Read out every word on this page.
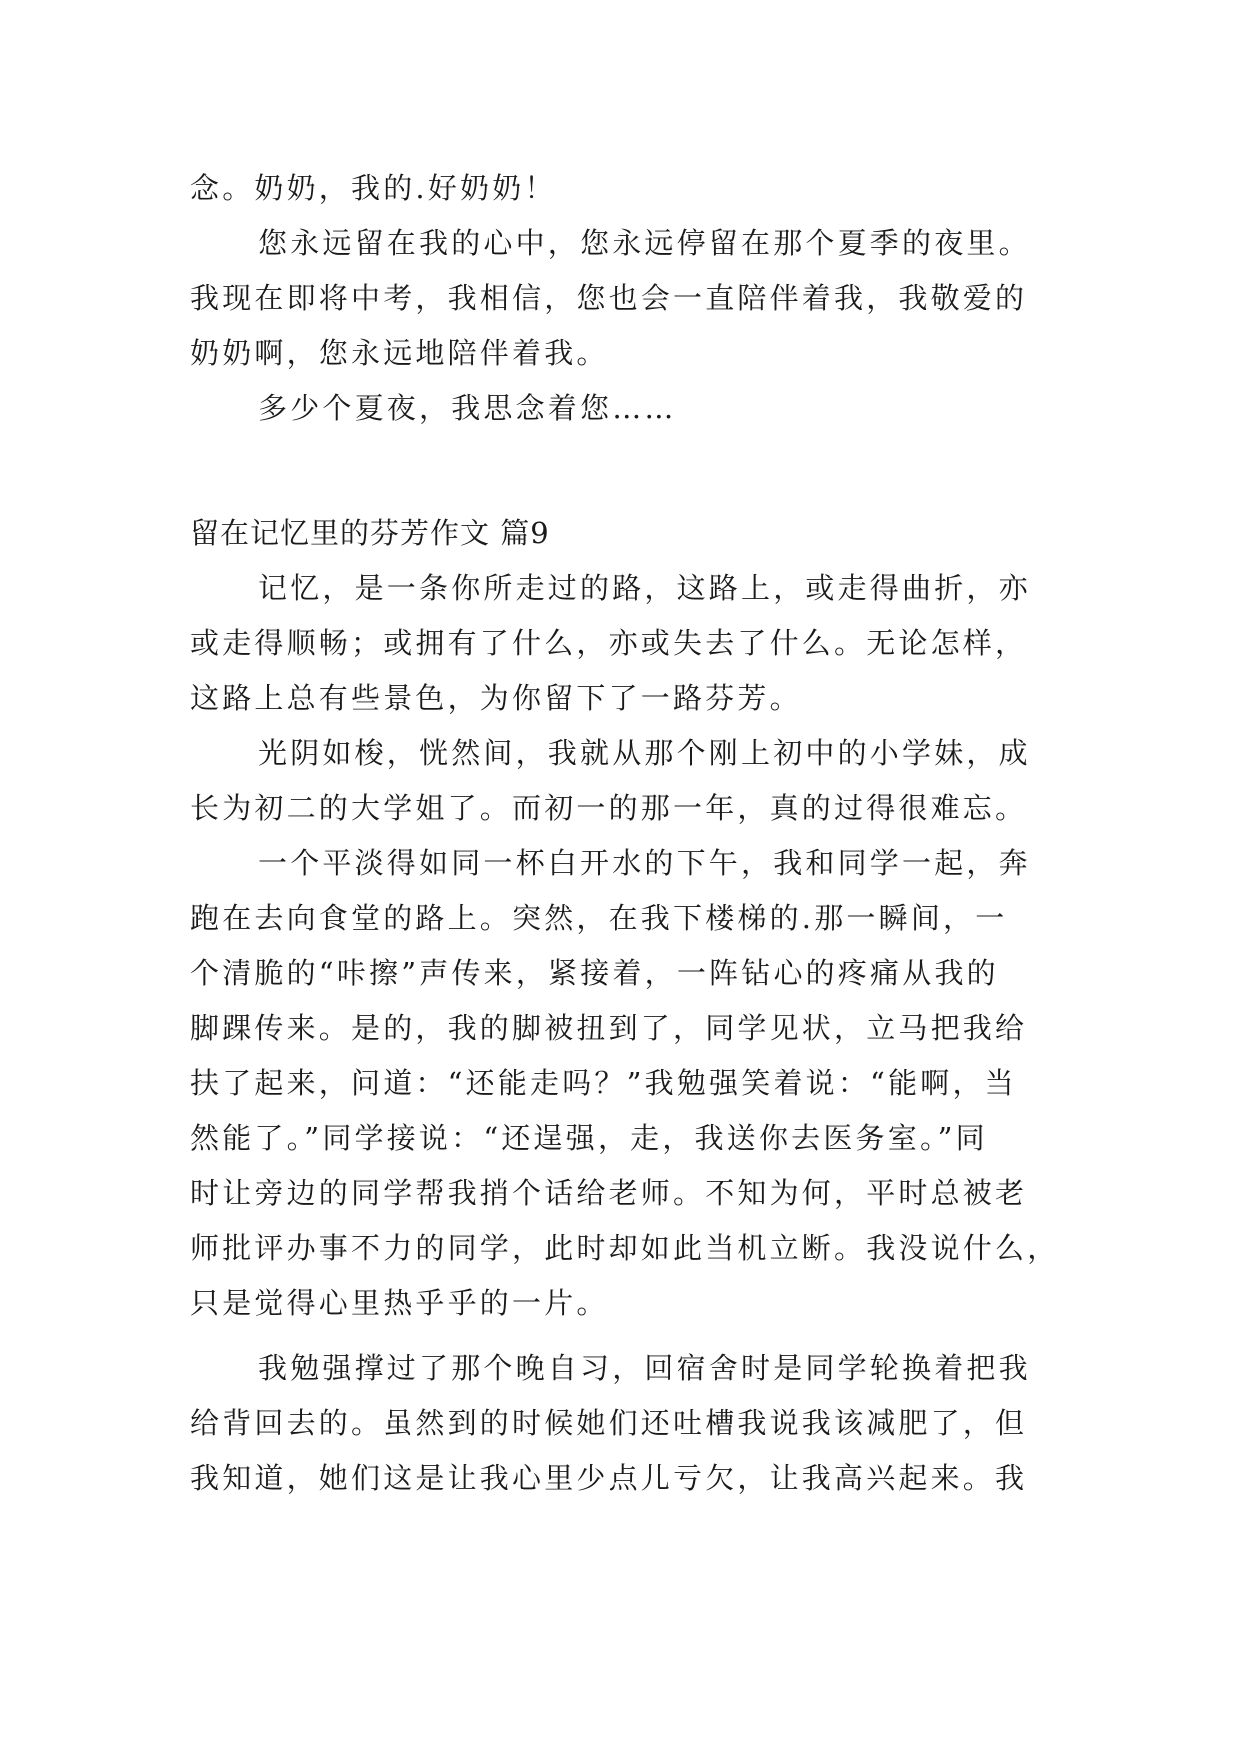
念。奶奶，我的.好奶奶！
您永远留在我的心中，您永远停留在那个夏季的夜里。
我现在即将中考，我相信，您也会一直陪伴着我，我敬爱的
奶奶啊，您永远地陪伴着我。
多少个夏夜，我思念着您……
留在记忆里的芬芳作文 篇9
记忆，是一条你所走过的路，这路上，或走得曲折，亦
或走得顺畅；或拥有了什么，亦或失去了什么。无论怎样，
这路上总有些景色，为你留下了一路芬芳。
光阴如梭，恍然间，我就从那个刚上初中的小学妹，成
长为初二的大学姐了。而初一的那一年，真的过得很难忘。
一个平淡得如同一杯白开水的下午，我和同学一起，奔
跑在去向食堂的路上。突然，在我下楼梯的.那一瞬间，一
个清脆的“咔擦”声传来，紧接着，一阵钻心的疼痛从我的
脚踝传来。是的，我的脚被扭到了，同学见状，立马把我给
扶了起来，问道：“还能走吗？”我勉强笑着说：“能啊，当
然能了。”同学接说：“还逞强，走，我送你去医务室。”同
时让旁边的同学帮我捎个话给老师。不知为何，平时总被老
师批评办事不力的同学，此时却如此当机立断。我没说什么，
只是觉得心里热乎乎的一片。
我勉强撑过了那个晚自习，回宿舍时是同学轮换着把我
给背回去的。虽然到的时候她们还吐槽我说我该减肥了，但
我知道，她们这是让我心里少点儿亏欠，让我高兴起来。我
